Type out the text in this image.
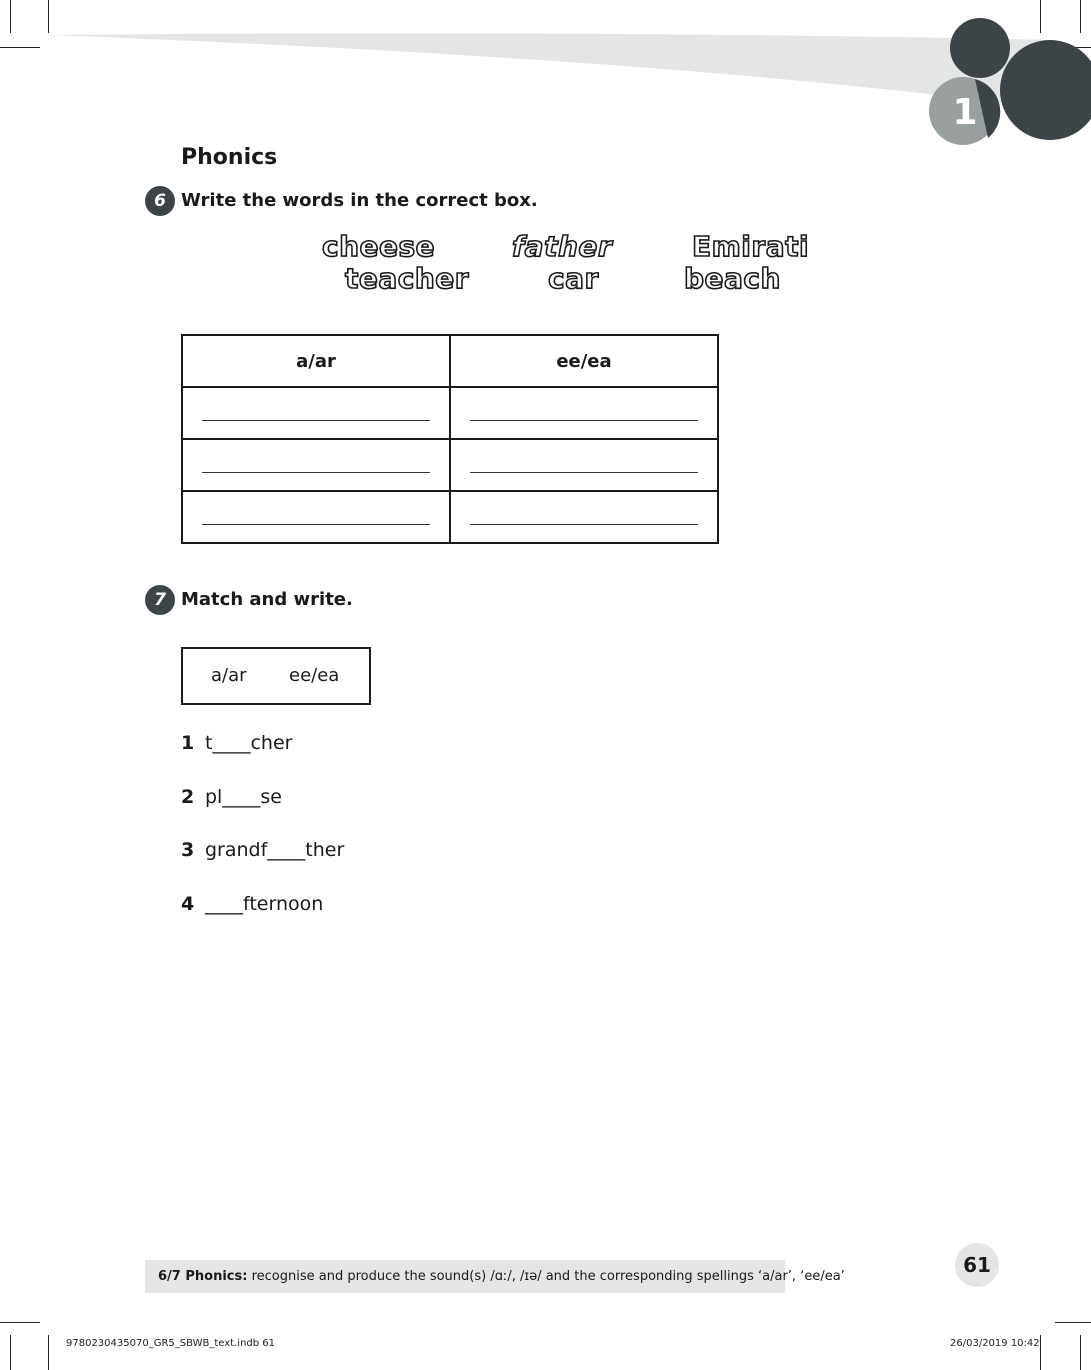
1
Phonics
6 Write the words in the correct box.
cheese	father	Emirati
teacher	car	beach
a/ar	ee/ea

7 Match and write.
a/ar ee/ea
1 t____cher
2 pl____se
3 grandf____ther
4 ____fternoon
6/7 Phonics: recognise and produce the sound(s) /ɑː/, /ɪə/ and the corresponding spellings ‘a/ar’, ‘ee/ea’	61
9780230435070_GR5_SBWB_text.indb 61	26/03/2019 10:42
